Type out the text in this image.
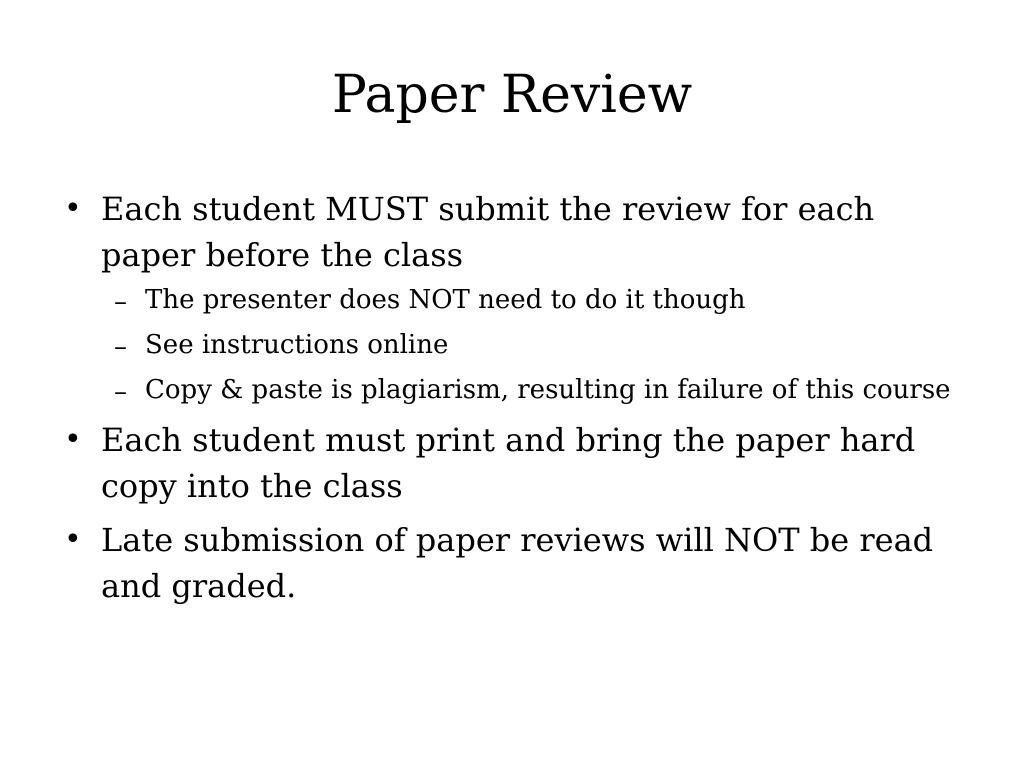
Paper Review
• Each student MUST submit the review for each paper before the class
– The presenter does NOT need to do it though
– See instructions online
– Copy & paste is plagiarism, resulting in failure of this course
• Each student must print and bring the paper hard copy into the class
• Late submission of paper reviews will NOT be read and graded.
